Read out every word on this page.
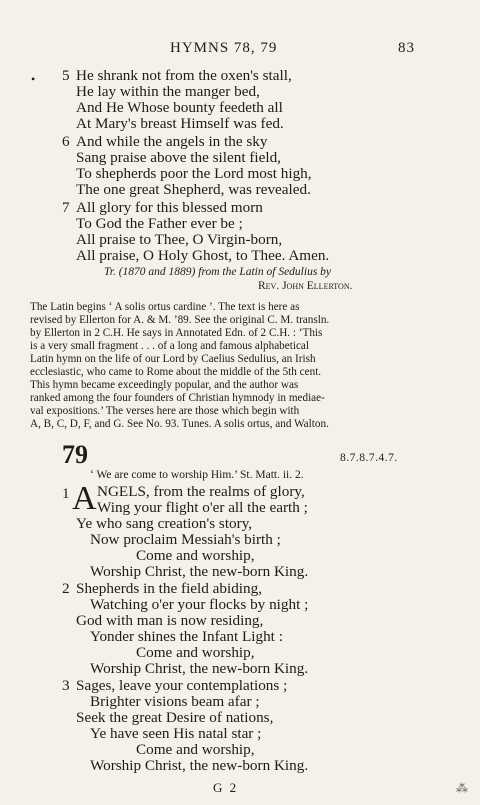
HYMNS 78, 79	83
• 5 He shrank not from the oxen's stall,
He lay within the manger bed,
And He Whose bounty feedeth all
At Mary's breast Himself was fed.
6 And while the angels in the sky
Sang praise above the silent field,
To shepherds poor the Lord most high,
The one great Shepherd, was revealed.
7 All glory for this blessed morn
To God the Father ever be ;
All praise to Thee, O Virgin-born,
All praise, O Holy Ghost, to Thee. Amen.
Tr. (1870 and 1889) from the Latin of Sedulius by
Rev. John Ellerton.

The Latin begins ‘ A solis ortus cardine ’. The text is here as

revised by Ellerton for A. & M. ’89. See the original C. M. transln.

by Ellerton in 2 C.H. He says in Annotated Edn. of 2 C.H. : ‘This

is a very small fragment . . . of a long and famous alphabetical

Latin hymn on the life of our Lord by Caelius Sedulius, an Irish

ecclesiastic, who came to Rome about the middle of the 5th cent.

This hymn became exceedingly popular, and the author was

ranked among the four founders of Christian hymnody in mediae-

val expositions.’ The verses here are those which begin with

A, B, C, D, F, and G. See No. 93. Tunes. A solis ortus, and Walton.

79	8.7.8.7.4.7.
‘ We are come to worship Him.’ St. Matt. ii. 2.
1 A NGELS, from the realms of glory,
Wing your flight o'er all the earth ;
Ye who sang creation's story,
Now proclaim Messiah's birth ;
Come and worship,
Worship Christ, the new-born King.
2 Shepherds in the field abiding,
Watching o'er your flocks by night ;
God with man is now residing,
Yonder shines the Infant Light :
Come and worship,
Worship Christ, the new-born King.
3 Sages, leave your contemplations ;
Brighter visions beam afar ;
Seek the great Desire of nations,
Ye have seen His natal star ;
Come and worship,
Worship Christ, the new-born King.
G 2	⁂
